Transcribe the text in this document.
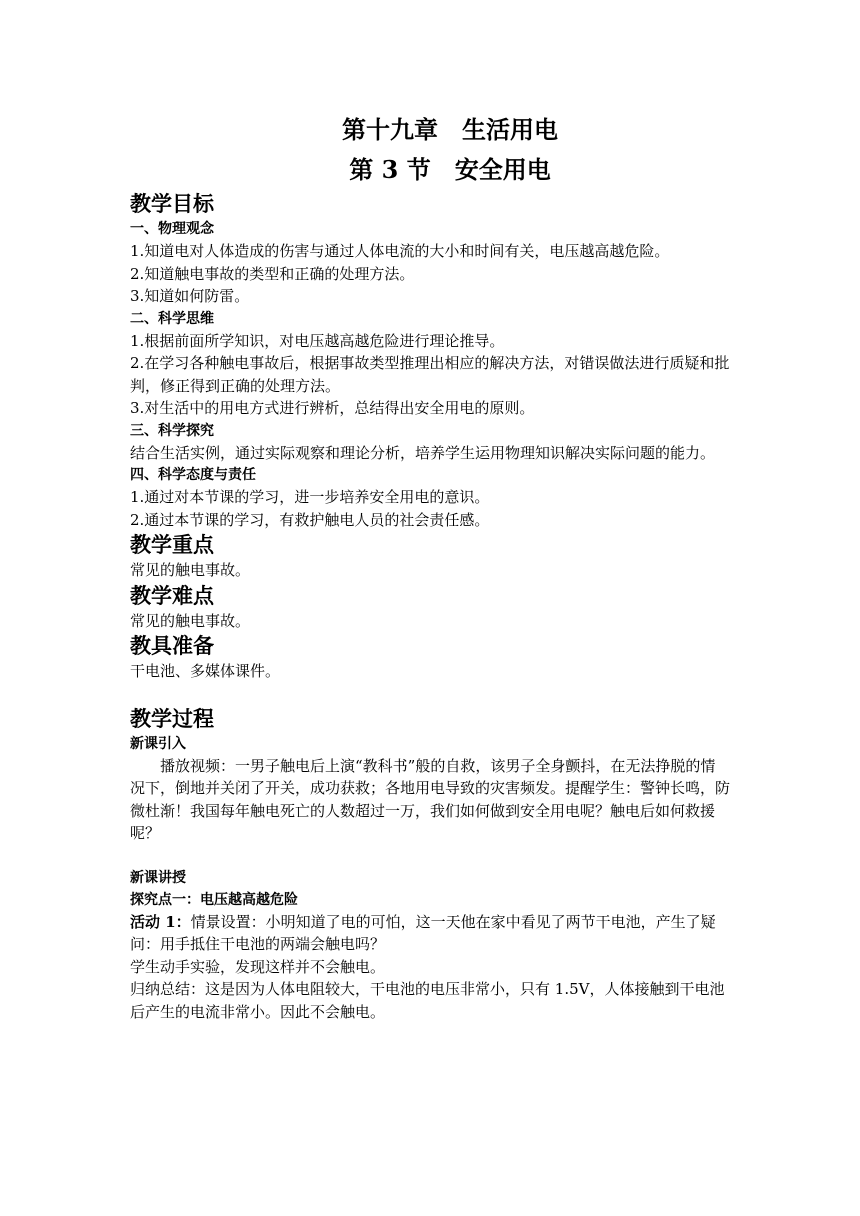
第十九章　生活用电

第 3 节　安全用电

教学目标

一、物理观念

1.知道电对人体造成的伤害与通过人体电流的大小和时间有关，电压越高越危险。

2.知道触电事故的类型和正确的处理方法。

3.知道如何防雷。

二、科学思维

1.根据前面所学知识，对电压越高越危险进行理论推导。

2.在学习各种触电事故后，根据事故类型推理出相应的解决方法，对错误做法进行质疑和批判，修正得到正确的处理方法。

3.对生活中的用电方式进行辨析，总结得出安全用电的原则。

三、科学探究

结合生活实例，通过实际观察和理论分析，培养学生运用物理知识解决实际问题的能力。

四、科学态度与责任

1.通过对本节课的学习，进一步培养安全用电的意识。

2.通过本节课的学习，有救护触电人员的社会责任感。

教学重点

常见的触电事故。

教学难点

常见的触电事故。

教具准备

干电池、多媒体课件。

教学过程

新课引入

播放视频：一男子触电后上演“教科书”般的自救，该男子全身颤抖，在无法挣脱的情况下，倒地并关闭了开关，成功获救；各地用电导致的灾害频发。提醒学生：警钟长鸣，防微杜渐！我国每年触电死亡的人数超过一万，我们如何做到安全用电呢？触电后如何救援呢？

新课讲授

探究点一：电压越高越危险

活动 1：情景设置：小明知道了电的可怕，这一天他在家中看见了两节干电池，产生了疑问：用手抵住干电池的两端会触电吗？

学生动手实验，发现这样并不会触电。

归纳总结：这是因为人体电阻较大，干电池的电压非常小，只有 1.5V，人体接触到干电池后产生的电流非常小。因此不会触电。
